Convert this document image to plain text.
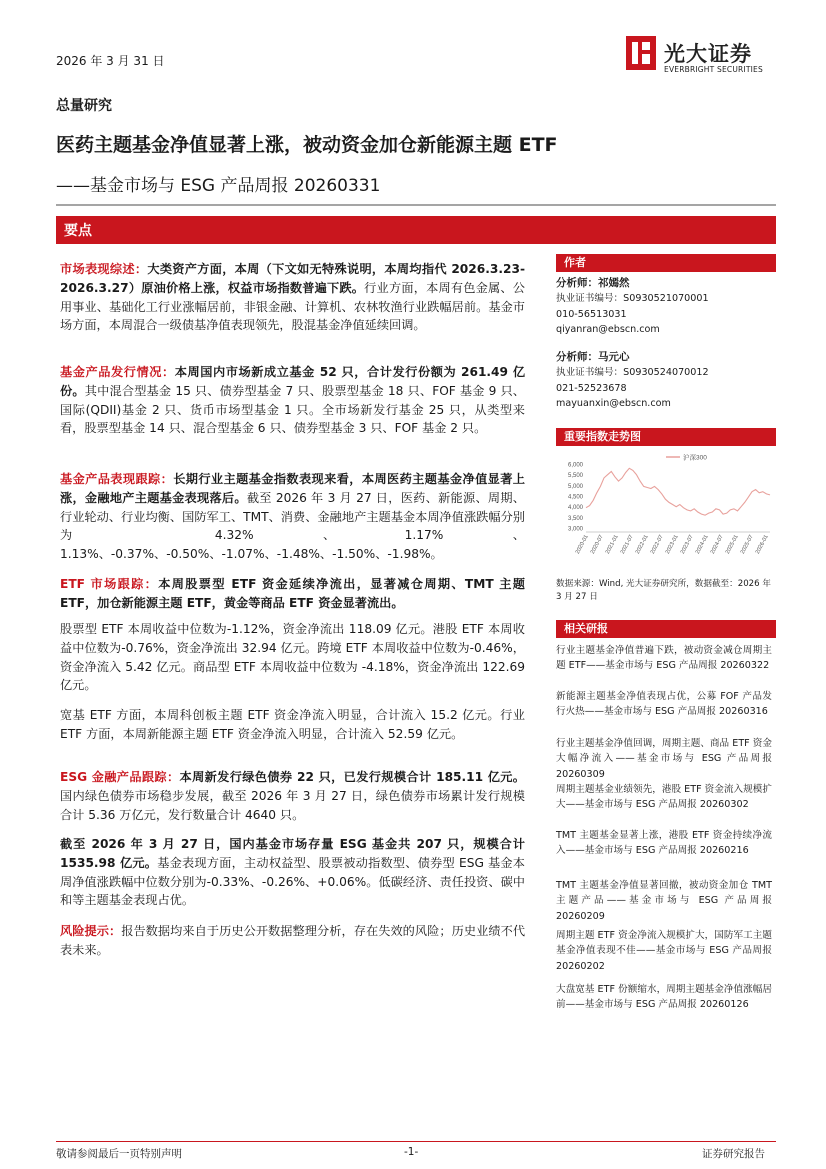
2026 年 3 月 31 日	光大证券
EVERBRIGHT SECURITIES
总量研究
医药主题基金净值显著上涨，被动资金加仓新能源主题 ETF
——基金市场与 ESG 产品周报 20260331
要点
市场表现综述：大类资产方面，本周（下文如无特殊说明，本周均指代 2026.3.23-2026.3.27）原油价格上涨，权益市场指数普遍下跌。行业方面，本周有色金属、公用事业、基础化工行业涨幅居前，非银金融、计算机、农林牧渔行业跌幅居前。基金市场方面，本周混合一级债基净值表现领先，股混基金净值延续回调。
基金产品发行情况：本周国内市场新成立基金 52 只，合计发行份额为 261.49 亿份。其中混合型基金 15 只、债券型基金 7 只、股票型基金 18 只、FOF 基金 9 只、国际(QDII)基金 2 只、货币市场型基金 1 只。全市场新发行基金 25 只，从类型来看，股票型基金 14 只、混合型基金 6 只、债券型基金 3 只、FOF 基金 2 只。
基金产品表现跟踪：长期行业主题基金指数表现来看，本周医药主题基金净值显著上涨，金融地产主题基金表现落后。截至 2026 年 3 月 27 日，医药、新能源、周期、行业轮动、行业均衡、国防军工、TMT、消费、金融地产主题基金本周净值涨跌幅分别为 4.32%、1.17%、1.13%、-0.37%、-0.50%、-1.07%、-1.48%、-1.50%、-1.98%。
ETF 市场跟踪：本周股票型 ETF 资金延续净流出，显著减仓周期、TMT 主题 ETF，加仓新能源主题 ETF，黄金等商品 ETF 资金显著流出。
股票型 ETF 本周收益中位数为-1.12%，资金净流出 118.09 亿元。港股 ETF 本周收益中位数为-0.76%，资金净流出 32.94 亿元。跨境 ETF 本周收益中位数为-0.46%，资金净流入 5.42 亿元。商品型 ETF 本周收益中位数为 -4.18%，资金净流出 122.69 亿元。
宽基 ETF 方面，本周科创板主题 ETF 资金净流入明显，合计流入 15.2 亿元。行业 ETF 方面，本周新能源主题 ETF 资金净流入明显，合计流入 52.59 亿元。
ESG 金融产品跟踪：本周新发行绿色债券 22 只，已发行规模合计 185.11 亿元。国内绿色债券市场稳步发展，截至 2026 年 3 月 27 日，绿色债券市场累计发行规模合计 5.36 万亿元，发行数量合计 4640 只。
截至 2026 年 3 月 27 日，国内基金市场存量 ESG 基金共 207 只，规模合计 1535.98 亿元。基金表现方面，主动权益型、股票被动指数型、债券型 ESG 基金本周净值涨跌幅中位数分别为-0.33%、-0.26%、+0.06%。低碳经济、责任投资、碳中和等主题基金表现占优。
风险提示：报告数据均来自于历史公开数据整理分析，存在失效的风险；历史业绩不代表未来。
作者
分析师：祁嫣然
执业证书编号：S0930521070001
010-56513031
qiyanran@ebscn.com
分析师：马元心
执业证书编号：S0930524070012
021-52523678
mayuanxin@ebscn.com
重要指数走势图
6,000
5,500
5,000
4,500
4,000
3,500
3,000
沪深300
2020-01 2020-07 2021-01 2021-07 2022-01 2022-07 2023-01 2023-07 2024-01 2024-07 2025-01 2025-07 2026-01
数据来源：Wind, 光大证券研究所，数据截至：2026 年 3 月 27 日
相关研报
行业主题基金净值普遍下跌，被动资金减仓周期主题 ETF——基金市场与 ESG 产品周报 20260322
新能源主题基金净值表现占优，公募 FOF 产品发行火热——基金市场与 ESG 产品周报 20260316
行业主题基金净值回调，周期主题、商品 ETF 资金大幅净流入——基金市场与 ESG 产品周报 20260309
周期主题基金业绩领先，港股 ETF 资金流入规模扩大——基金市场与 ESG 产品周报 20260302
TMT 主题基金显著上涨，港股 ETF 资金持续净流入——基金市场与 ESG 产品周报 20260216
TMT 主题基金净值显著回撤，被动资金加仓 TMT 主题产品——基金市场与 ESG 产品周报 20260209
周期主题 ETF 资金净流入规模扩大，国防军工主题基金净值表现不佳——基金市场与 ESG 产品周报 20260202
大盘宽基 ETF 份额缩水，周期主题基金净值涨幅居前——基金市场与 ESG 产品周报 20260126
敬请参阅最后一页特别声明	-1-	证券研究报告
